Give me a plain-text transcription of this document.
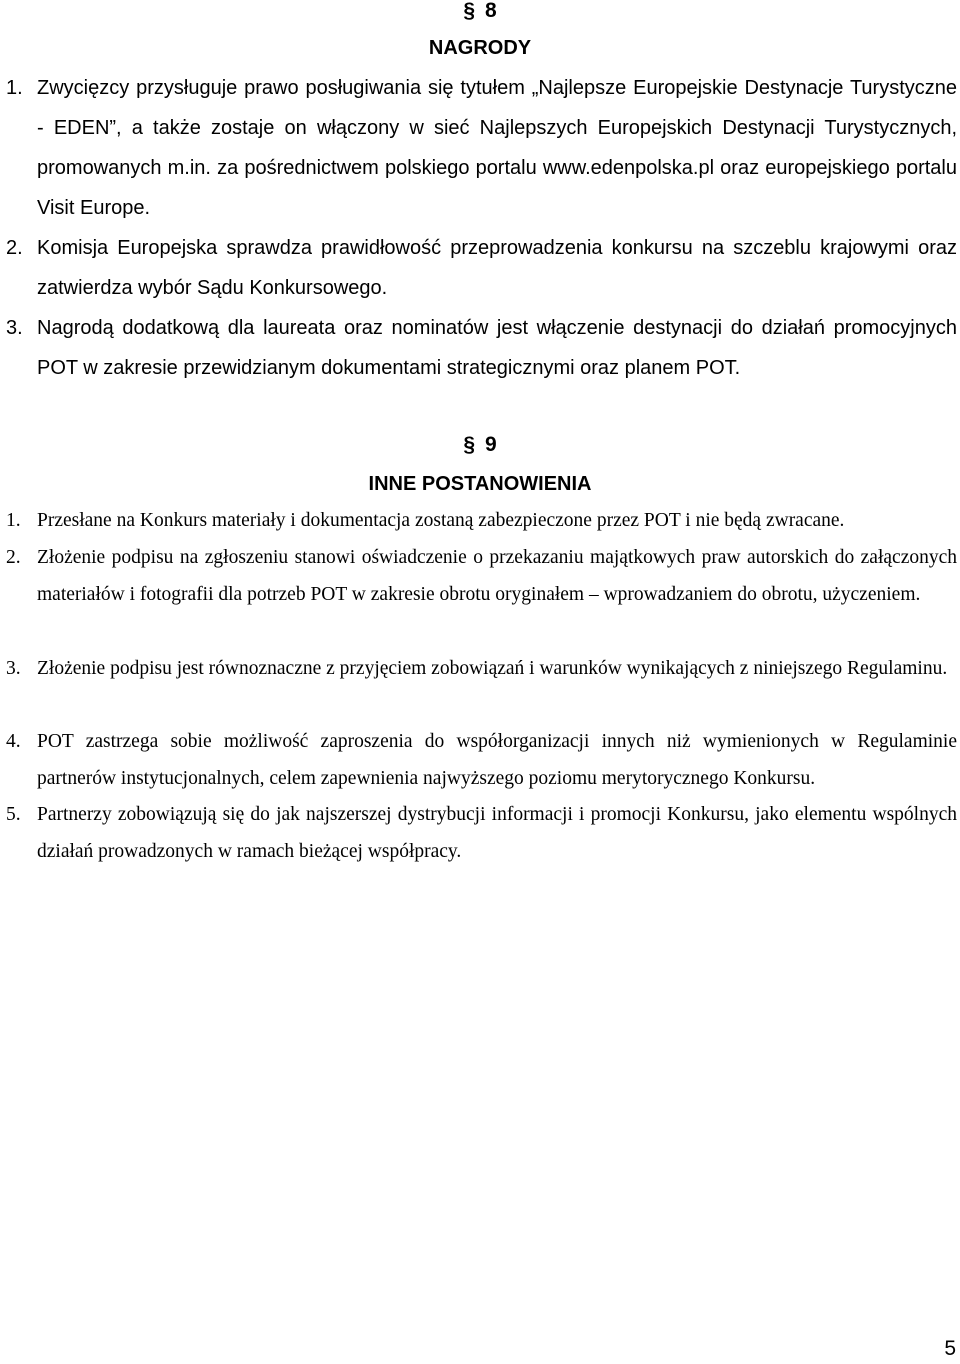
§ 8
NAGRODY
1. Zwycięzcy przysługuje prawo posługiwania się tytułem „Najlepsze Europejskie Destynacje Turystyczne - EDEN”, a także zostaje on włączony w sieć Najlepszych Europejskich Destynacji Turystycznych, promowanych m.in. za pośrednictwem polskiego portalu www.edenpolska.pl oraz europejskiego portalu Visit Europe.
2. Komisja Europejska sprawdza prawidłowość przeprowadzenia konkursu na szczeblu krajowymi oraz zatwierdza wybór Sądu Konkursowego.
3. Nagrodą dodatkową dla laureata oraz nominatów jest włączenie destynacji do działań promocyjnych POT w zakresie przewidzianym dokumentami strategicznymi oraz planem POT.
§ 9
INNE POSTANOWIENIA
1. Przesłane na Konkurs materiały i dokumentacja zostaną zabezpieczone przez POT i nie będą zwracane.
2. Złożenie podpisu na zgłoszeniu stanowi oświadczenie o przekazaniu majątkowych praw autorskich do załączonych materiałów i fotografii dla potrzeb POT w zakresie obrotu oryginałem – wprowadzaniem do obrotu, użyczeniem.
3. Złożenie podpisu jest równoznaczne z przyjęciem zobowiązań i warunków wynikających z niniejszego Regulaminu.
4. POT zastrzega sobie możliwość zaproszenia do współorganizacji innych niż wymienionych w Regulaminie partnerów instytucjonalnych, celem zapewnienia najwyższego poziomu merytorycznego Konkursu.
5. Partnerzy zobowiązują się do jak najszerszej dystrybucji informacji i promocji Konkursu, jako elementu wspólnych działań prowadzonych w ramach bieżącej współpracy.
5
